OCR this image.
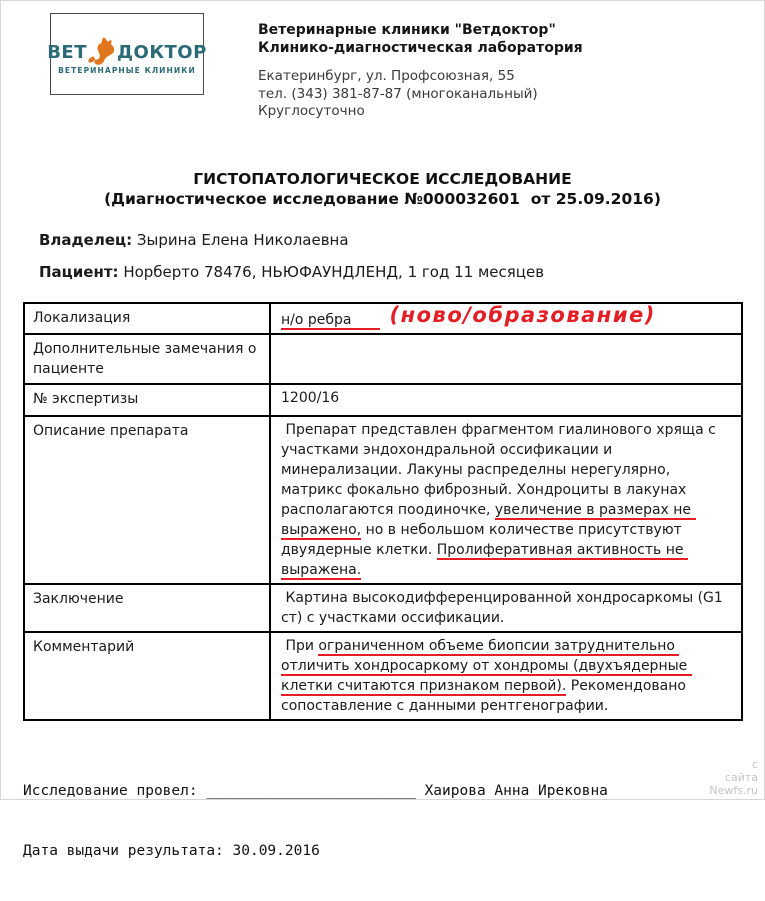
ВЕТ ДОКТОР
ВЕТЕРИНАРНЫЕ КЛИНИКИ
Ветеринарные клиники "Ветдоктор"
Клинико-диагностическая лаборатория
Екатеринбург, ул. Профсоюзная, 55
тел. (343) 381-87-87 (многоканальный)
Круглосуточно
ГИСТОПАТОЛОГИЧЕСКОЕ ИССЛЕДОВАНИЕ
(Диагностическое исследование №000032601  от 25.09.2016)
Владелец: Зырина Елена Николаевна
Пациент: Норберто 78476, НЬЮФАУНДЛЕНД, 1 год 11 месяцев
Локализация	н/о ребра (ново/образование)
Дополнительные замечания о пациенте	
№ экспертизы	1200/16
Описание препарата	Препарат представлен фрагментом гиалинового хряща с участками эндохондральной оссификации и минерализации. Лакуны распределны нерегулярно, матрикс фокально фиброзный. Хондроциты в лакунах располагаются поодиночке, увеличение в размерах не выражено, но в небольшом количестве присутствуют двуядерные клетки. Пролиферативная активность не выражена.
Заключение	Картина высокодифференцированной хондросаркомы (G1 ст) с участками оссификации.
Комментарий	При ограниченном объеме биопсии затруднительно отличить хондросаркому от хондромы (двухъядерные клетки считаются признаком первой). Рекомендовано сопоставление с данными рентгенографии.

Исследование провел: ________________________ Хаирова Анна Ирековна

Дата выдачи результата: 30.09.2016

с
сайта
Newfs.ru
